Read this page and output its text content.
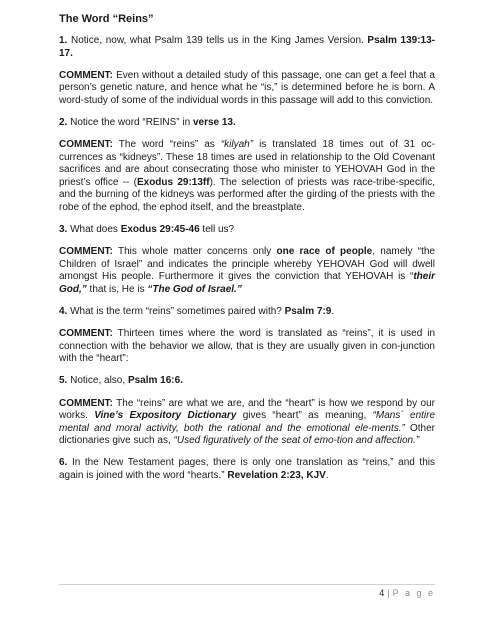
The Word “Reins”

1. Notice, now, what Psalm 139 tells us in the King James Version. Psalm 139:13-17.

COMMENT: Even without a detailed study of this passage, one can get a feel that a person’s genetic nature, and hence what he “is,” is determined before he is born. A word-study of some of the individual words in this passage will add to this conviction.

2. Notice the word “REINS” in verse 13.

COMMENT: The word “reins” as “kilyah” is translated 18 times out of 31 oc-currences as “kidneys”. These 18 times are used in relationship to the Old Covenant sacrifices and are about consecrating those who minister to YEHOVAH God in the priest’s office -- (Exodus 29:13ff). The selection of priests was race-tribe-specific, and the burning of the kidneys was performed after the girding of the priests with the robe of the ephod, the ephod itself, and the breastplate.

3. What does Exodus 29:45-46 tell us?

COMMENT: This whole matter concerns only one race of people, namely “the Children of Israel” and indicates the principle whereby YEHOVAH God will dwell amongst His people. Furthermore it gives the conviction that YEHOVAH is “their God,” that is, He is “The God of Israel.”

4. What is the term “reins” sometimes paired with? Psalm 7:9.

COMMENT: Thirteen times where the word is translated as “reins”, it is used in connection with the behavior we allow, that is they are usually given in con-junction with the “heart”:

5. Notice, also, Psalm 16:6.

COMMENT: The “reins” are what we are, and the “heart” is how we respond by our works. Vine’s Expository Dictionary gives “heart” as meaning, “Mans´ entire mental and moral activity, both the rational and the emotional ele-ments.” Other dictionaries give such as, “Used figuratively of the seat of emo-tion and affection.”

6. In the New Testament pages, there is only one translation as “reins,” and this again is joined with the word “hearts.” Revelation 2:23, KJV.

4 | P a g e
